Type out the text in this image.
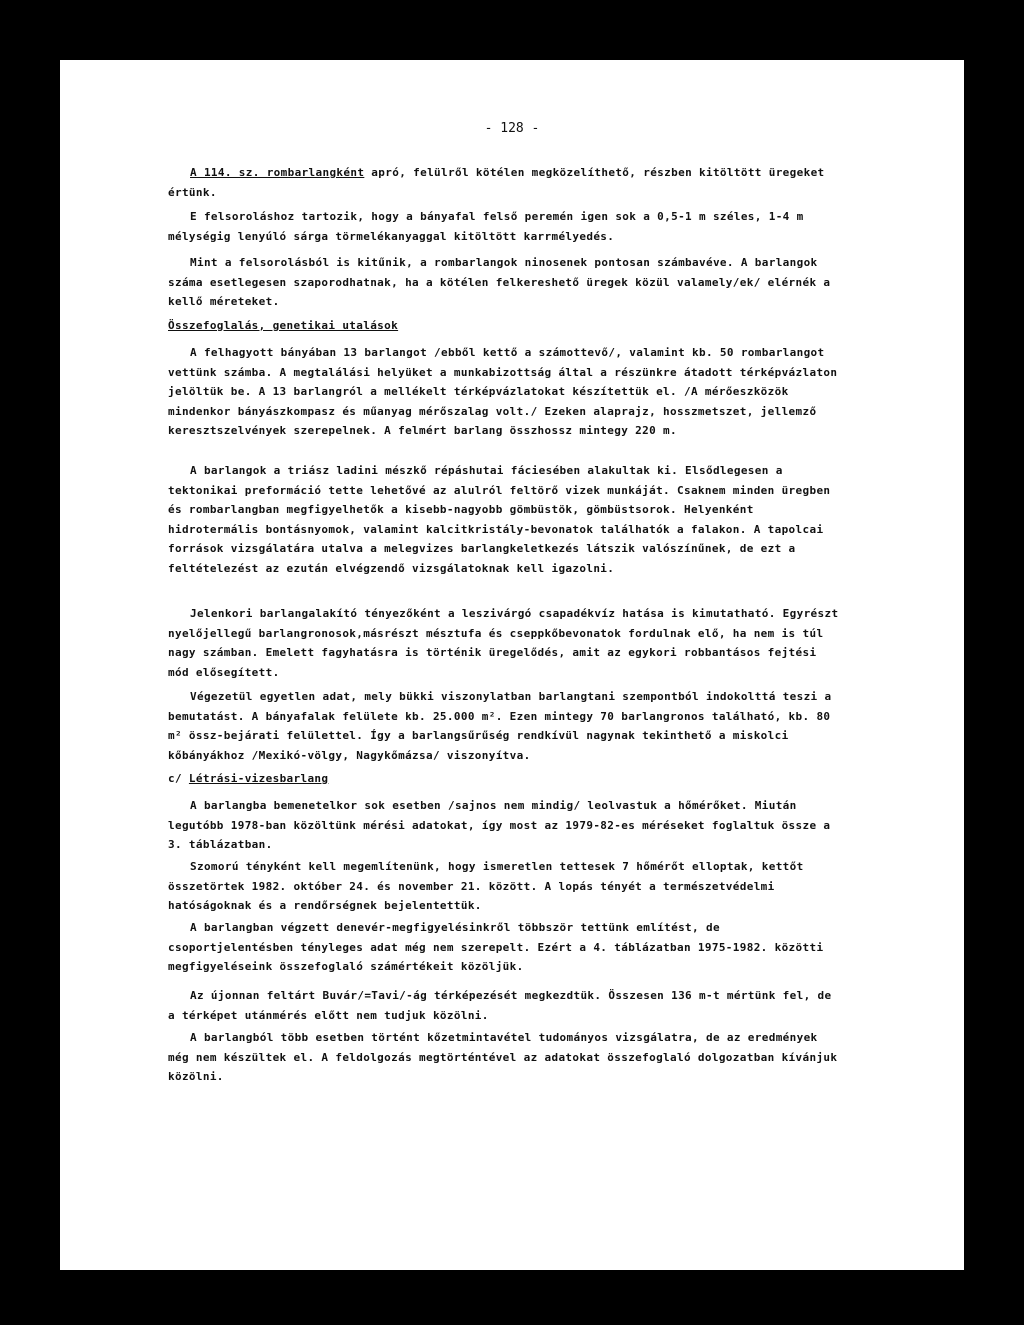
- 128 -

A 114. sz. rombarlangként apró, felülről kötélen megközelíthető, részben kitöltött üregeket értünk.

E felsoroláshoz tartozik, hogy a bányafal felső peremén igen sok a 0,5-1 m széles, 1-4 m mélységig lenyúló sárga törmelékanyaggal kitöltött karrmélyedés.

Mint a felsorolásból is kitűnik, a rombarlangok ninosenek pontosan számbavéve. A barlangok száma esetlegesen szaporodhatnak, ha a kötélen felkereshető üregek közül valamely/ek/ elérnék a kellő méreteket.

Összefoglalás, genetikai utalások

A felhagyott bányában 13 barlangot /ebből kettő a számottevő/, valamint kb. 50 rombarlangot vettünk számba. A megtalálási helyüket a munkabizottság által a részünkre átadott térképvázlaton jelöltük be. A 13 barlangról a mellékelt térképvázlatokat készítettük el. /A mérőeszközök mindenkor bányászkompasz és műanyag mérőszalag volt./ Ezeken alaprajz, hosszmetszet, jellemző keresztszelvények szerepelnek. A felmért barlang összhossz mintegy 220 m.

A barlangok a triász ladini mészkő répáshutai fáciesében alakultak ki. Elsődlegesen a tektonikai preformáció tette lehetővé az alulról feltörő vizek munkáját. Csaknem minden üregben és rombarlangban megfigyelhetők a kisebb-nagyobb gömbüstök, gömbüstsorok. Helyenként hidrotermális bontásnyomok, valamint kalcitkristály-bevonatok találhatók a falakon. A tapolcai források vizsgálatára utalva a melegvizes barlangkeletkezés látszik valószínűnek, de ezt a feltételezést az ezután elvégzendő vizsgálatoknak kell igazolni.

Jelenkori barlangalakító tényezőként a leszivárgó csapadékvíz hatása is kimutatható. Egyrészt nyelőjellegű barlangronosok,másrészt mésztufa és cseppkőbevonatok fordulnak elő, ha nem is túl nagy számban. Emelett fagyhatásra is történik üregelődés, amit az egykori robbantásos fejtési mód elősegített.

Végezetül egyetlen adat, mely bükki viszonylatban barlangtani szempontból indokolttá teszi a bemutatást. A bányafalak felülete kb. 25.000 m². Ezen mintegy 70 barlangronos található, kb. 80 m² össz-bejárati felülettel. Így a barlangsűrűség rendkívül nagynak tekinthető a miskolci kőbányákhoz /Mexikó-völgy, Nagykőmázsa/ viszonyítva.

c/ Létrási-vizesbarlang

A barlangba bemenetelkor sok esetben /sajnos nem mindig/ leolvastuk a hőmérőket. Miután legutóbb 1978-ban közöltünk mérési adatokat, így most az 1979-82-es méréseket foglaltuk össze a 3. táblázatban.

Szomorú tényként kell megemlítenünk, hogy ismeretlen tettesek 7 hőmérőt elloptak, kettőt összetörtek 1982. október 24. és november 21. között. A lopás tényét a természetvédelmi hatóságoknak és a rendőrségnek bejelentettük.

A barlangban végzett denevér-megfigyelésinkről többször tettünk említést, de csoportjelentésben tényleges adat még nem szerepelt. Ezért a 4. táblázatban 1975-1982. közötti megfigyeléseink összefoglaló számértékeit közöljük.

Az újonnan feltárt Buvár/=Tavi/-ág térképezését megkezdtük. Összesen 136 m-t mértünk fel, de a térképet utánmérés előtt nem tudjuk közölni.

A barlangból több esetben történt kőzetmintavétel tudományos vizsgálatra, de az eredmények még nem készültek el. A feldolgozás megtörténtével az adatokat összefoglaló dolgozatban kívánjuk közölni.
